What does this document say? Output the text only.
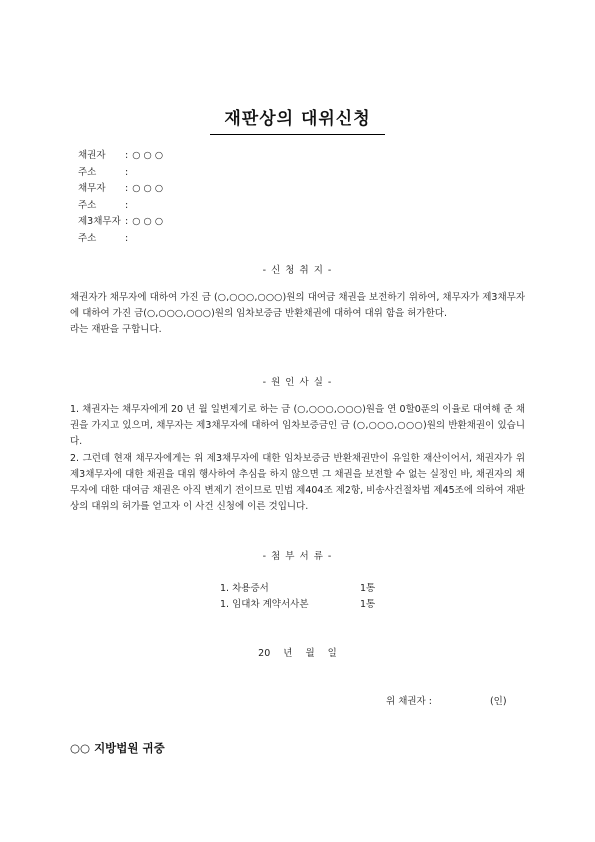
재판상의 대위신청
채권자	: ○ ○ ○
주소	:
채무자	: ○ ○ ○
주소	:
제3채무자 : ○ ○ ○
주소	:
- 신 청 취 지 -

채권자가 채무자에 대하여 가진 금 (○,○○○,○○○)원의 대여금 채권을 보전하기 위하여, 채무자가 제3채무자에 대하여 가진 금(○,○○○,○○○)원의 임차보증금 반환채권에 대하여 대위 함을 허가한다.

라는 재판을 구합니다.

- 원 인 사 실 -

1. 채권자는 채무자에게 20 년 월 일변제기로 하는 금 (○,○○○,○○○)원을 연 0할0푼의 이율로 대여해 준 채권을 가지고 있으며, 채무자는 제3채무자에 대하여 임차보증금인 금 (○,○○○,○○○)원의 반환채권이 있습니다.

2. 그런데 현재 채무자에게는 위 제3채무자에 대한 임차보증금 반환채권만이 유일한 재산이어서, 채권자가 위 제3채무자에 대한 채권을 대위 행사하여 추심을 하지 않으면 그 채권을 보전할 수 없는 실정인 바, 채권자의 채무자에 대한 대여금 채권은 아직 변제기 전이므로 민법 제404조 제2항, 비송사건절차법 제45조에 의하여 재판상의 대위의 허가를 얻고자 이 사건 신청에 이른 것입니다.

- 첨 부 서 류 -
1. 차용증서	1통
1. 임대차 계약서사본	1통
20 년 월 일
위 채권자 :	(인)
○○ 지방법원 귀중
